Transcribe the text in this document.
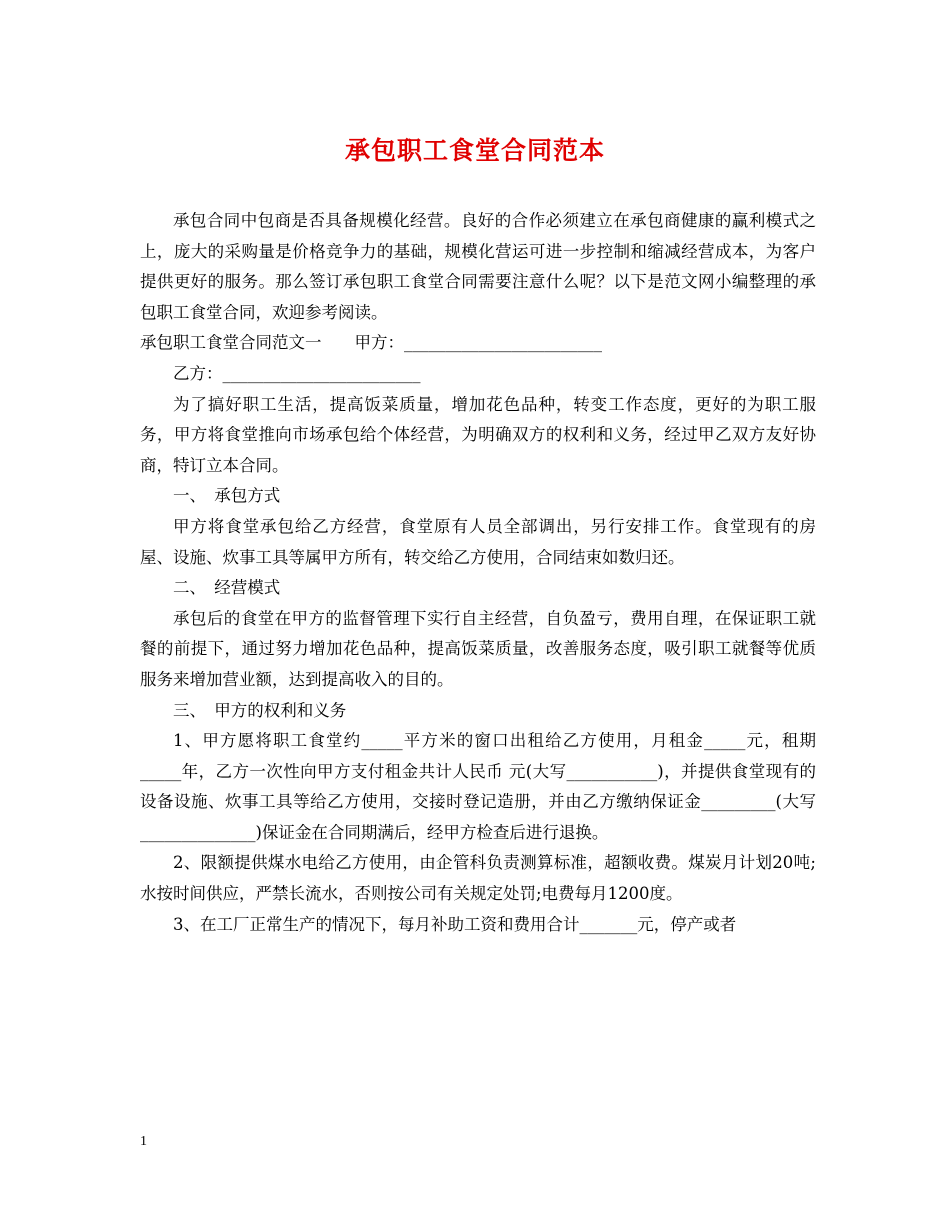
承包职工食堂合同范本

承包合同中包商是否具备规模化经营。良好的合作必须建立在承包商健康的赢利模式之上，庞大的采购量是价格竞争力的基础，规模化营运可进一步控制和缩减经营成本，为客户提供更好的服务。那么签订承包职工食堂合同需要注意什么呢？以下是范文网小编整理的承包职工食堂合同，欢迎参考阅读。

承包职工食堂合同范文一　　甲方：________________________

乙方：________________________

为了搞好职工生活，提高饭菜质量，增加花色品种，转变工作态度，更好的为职工服务，甲方将食堂推向市场承包给个体经营，为明确双方的权利和义务，经过甲乙双方友好协商，特订立本合同。

一、　承包方式

甲方将食堂承包给乙方经营，食堂原有人员全部调出，另行安排工作。食堂现有的房屋、设施、炊事工具等属甲方所有，转交给乙方使用，合同结束如数归还。

二、　经营模式

承包后的食堂在甲方的监督管理下实行自主经营，自负盈亏，费用自理，在保证职工就餐的前提下，通过努力增加花色品种，提高饭菜质量，改善服务态度，吸引职工就餐等优质服务来增加营业额，达到提高收入的目的。

三、　甲方的权利和义务

1、甲方愿将职工食堂约_____平方米的窗口出租给乙方使用，月租金_____元，租期_____年，乙方一次性向甲方支付租金共计人民币 元(大写___________)，并提供食堂现有的设备设施、炊事工具等给乙方使用，交接时登记造册，并由乙方缴纳保证金_________(大写______________)保证金在合同期满后，经甲方检查后进行退换。

2、限额提供煤水电给乙方使用，由企管科负责测算标准，超额收费。煤炭月计划20吨;水按时间供应，严禁长流水，否则按公司有关规定处罚;电费每月1200度。

3、在工厂正常生产的情况下，每月补助工资和费用合计_______元，停产或者

1
